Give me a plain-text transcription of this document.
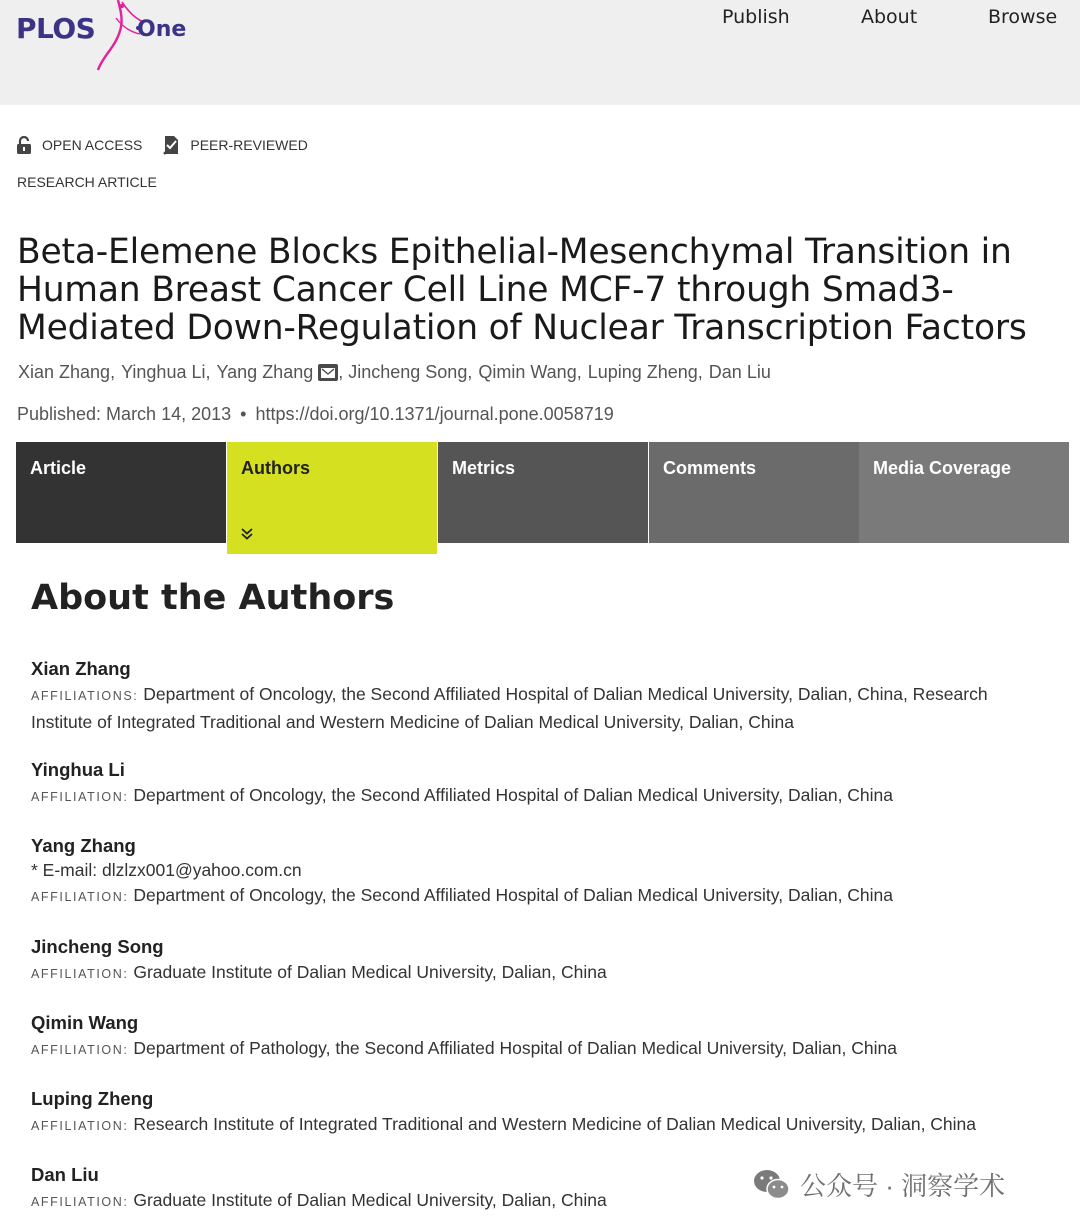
PLOS One	Publish	About	Browse
OPEN ACCESS	PEER-REVIEWED
RESEARCH ARTICLE
Beta-Elemene Blocks Epithelial-Mesenchymal Transition in
Human Breast Cancer Cell Line MCF-7 through Smad3-
Mediated Down-Regulation of Nuclear Transcription Factors
Xian Zhang, Yinghua Li, Yang Zhang , Jincheng Song, Qimin Wang, Luping Zheng, Dan Liu
Published: March 14, 2013 • https://doi.org/10.1371/journal.pone.0058719
Article	Authors	Metrics	Comments	Media Coverage
About the Authors
Xian Zhang
AFFILIATIONS: Department of Oncology, the Second Affiliated Hospital of Dalian Medical University, Dalian, China, Research
Institute of Integrated Traditional and Western Medicine of Dalian Medical University, Dalian, China
Yinghua Li
AFFILIATION: Department of Oncology, the Second Affiliated Hospital of Dalian Medical University, Dalian, China
Yang Zhang
* E-mail: dlzlzx001@yahoo.com.cn
AFFILIATION: Department of Oncology, the Second Affiliated Hospital of Dalian Medical University, Dalian, China
Jincheng Song
AFFILIATION: Graduate Institute of Dalian Medical University, Dalian, China
Qimin Wang
AFFILIATION: Department of Pathology, the Second Affiliated Hospital of Dalian Medical University, Dalian, China
Luping Zheng
AFFILIATION: Research Institute of Integrated Traditional and Western Medicine of Dalian Medical University, Dalian, China
Dan Liu
AFFILIATION: Graduate Institute of Dalian Medical University, Dalian, China	公众号 · 洞察学术
